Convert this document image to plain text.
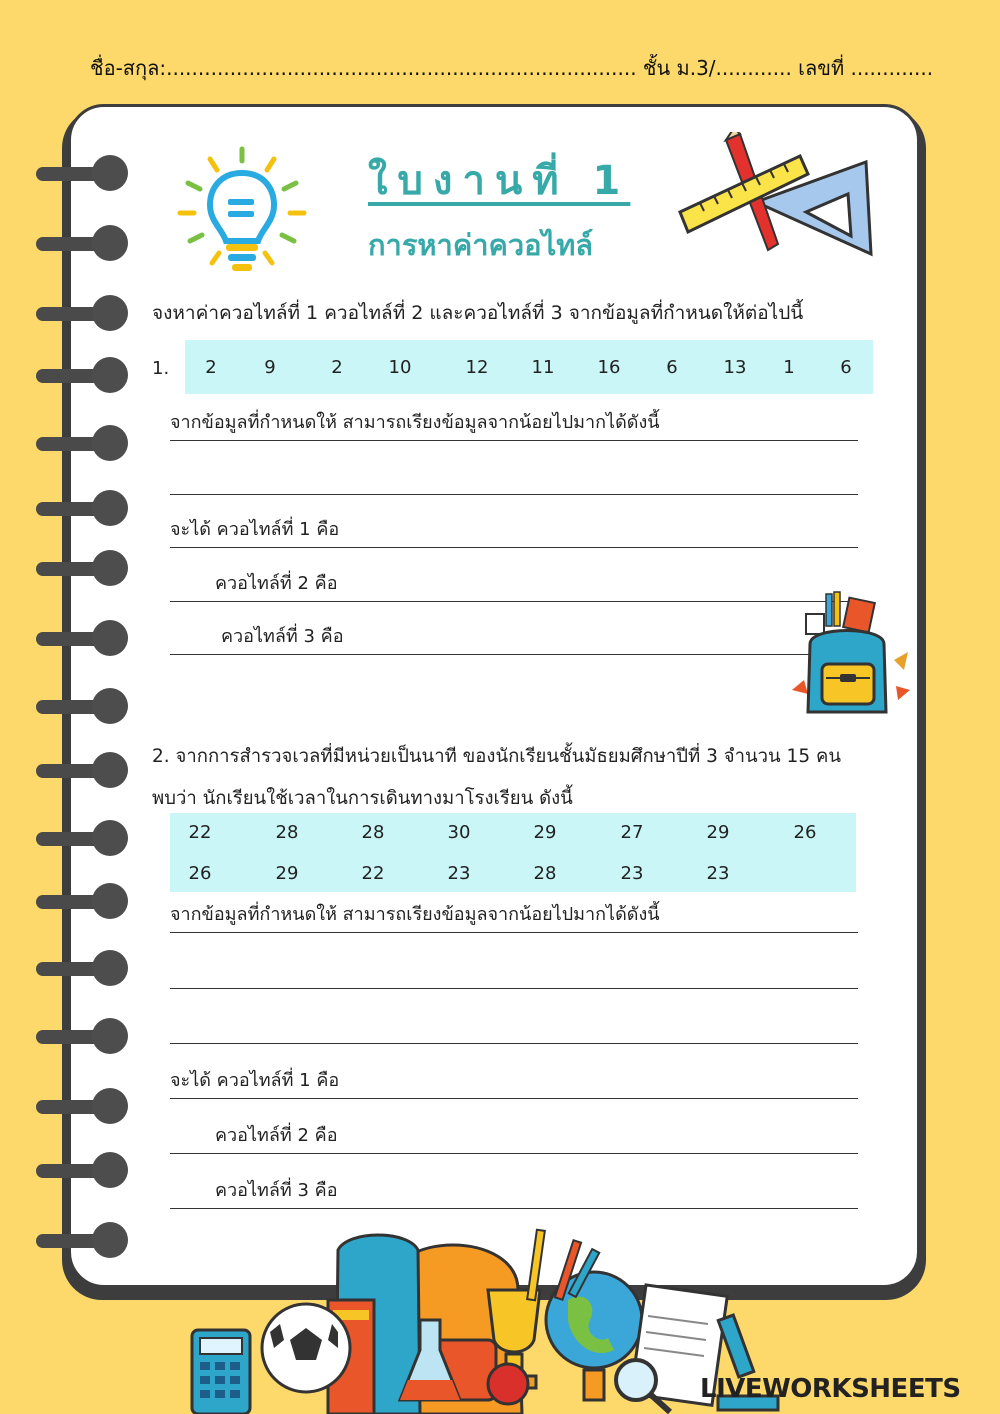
ชื่อ-สกุล:.......................................................................... ชั้น ม.3/............ เลขที่ .............
ใบงานที่ 1
การหาค่าควอไทล์
จงหาค่าควอไทล์ที่ 1 ควอไทล์ที่ 2 และควอไทล์ที่ 3 จากข้อมูลที่กำหนดให้ต่อไปนี้
1.	2	9	2	10	12	11	16	6	13	1	6
จากข้อมูลที่กำหนดให้ สามารถเรียงข้อมูลจากน้อยไปมากได้ดังนี้
จะได้ ควอไทล์ที่ 1 คือ
ควอไทล์ที่ 2 คือ
ควอไทล์ที่ 3 คือ
2. จากการสำรวจเวลที่มีหน่วยเป็นนาที ของนักเรียนชั้นมัธยมศึกษาปีที่ 3 จำนวน 15 คน
พบว่า นักเรียนใช้เวลาในการเดินทางมาโรงเรียน ดังนี้
22	28	28	30	29	27	29	26
26	29	22	23	28	23	23
จากข้อมูลที่กำหนดให้ สามารถเรียงข้อมูลจากน้อยไปมากได้ดังนี้
จะได้ ควอไทล์ที่ 1 คือ
ควอไทล์ที่ 2 คือ
ควอไทล์ที่ 3 คือ
LIVEWORKSHEETS
